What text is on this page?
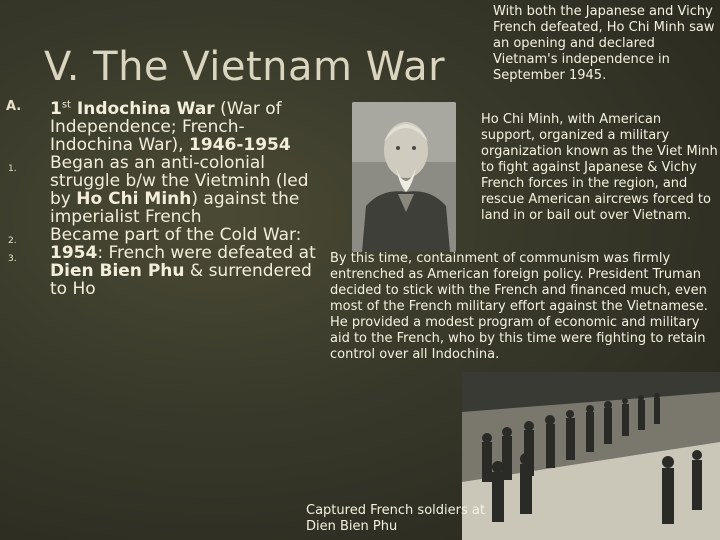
V. The Vietnam War
A. 1st Indochina War (War of Independence; French-Indochina War), 1946-1954
1. Began as an anti-colonial struggle b/w the Vietminh (led by Ho Chi Minh) against the imperialist French
2. Became part of the Cold War:
3. 1954: French were defeated at Dien Bien Phu & surrendered to Ho

With both the Japanese and Vichy French defeated, Ho Chi Minh saw an opening and declared Vietnam's independence in September 1945.

Ho Chi Minh, with American support, organized a military organization known as the Viet Minh to fight against Japanese & Vichy French forces in the region, and rescue American aircrews forced to land in or bail out over Vietnam.

By this time, containment of communism was firmly entrenched as American foreign policy. President Truman decided to stick with the French and financed much, even most of the French military effort against the Vietnamese. He provided a modest program of economic and military aid to the French, who by this time were fighting to retain control over all Indochina.

Captured French soldiers at Dien Bien Phu
